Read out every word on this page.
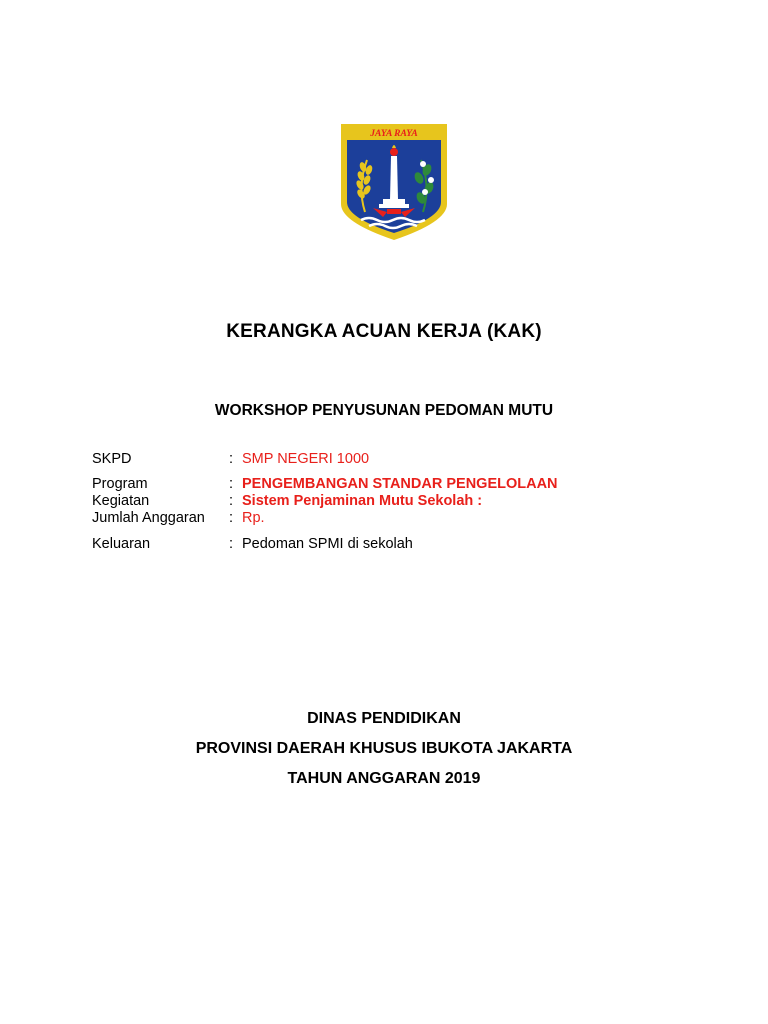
JAYA RAYA
KERANGKA ACUAN KERJA (KAK)
WORKSHOP PENYUSUNAN PEDOMAN MUTU
SKPD	: SMP NEGERI 1000
Program	: PENGEMBANGAN STANDAR PENGELOLAAN
Kegiatan	: Sistem Penjaminan Mutu Sekolah :
Jumlah Anggaran : Rp.
Keluaran	: Pedoman SPMI di sekolah
DINAS PENDIDIKAN
PROVINSI DAERAH KHUSUS IBUKOTA JAKARTA
TAHUN ANGGARAN 2019
